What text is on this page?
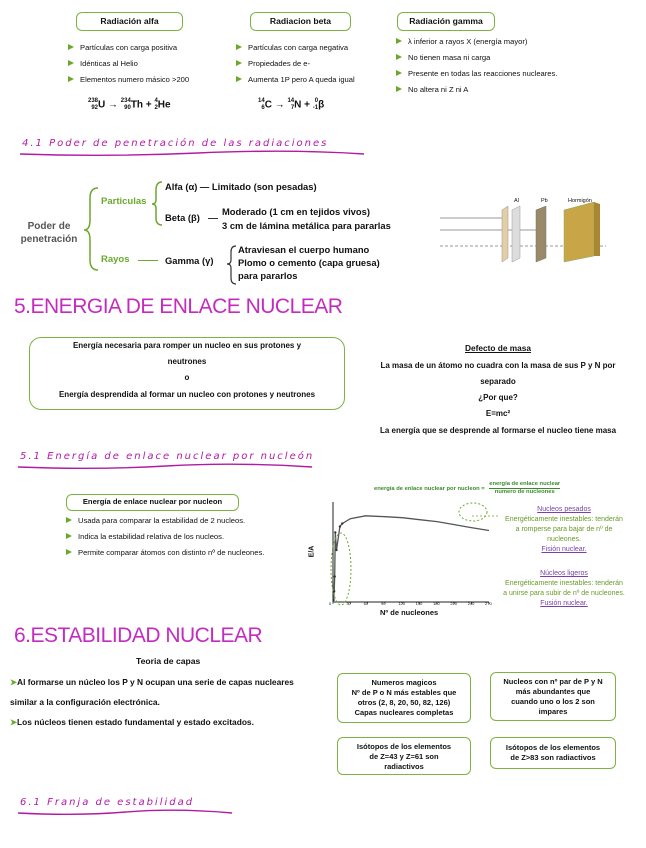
Radiación alfa
Partículas con carga positiva
Idénticas al Helio
Elementos numero másico >200
238
92U → 234
90Th + 4
2He
Radiacion beta
Partículas con carga negativa
Propiedades de e-
Aumenta 1P pero A queda igual
14
6C → 14
7N + 0
-1β
Radiación gamma
λ inferior a rayos X (energía mayor)
No tienen masa ni carga
Presente en todas las reacciones nucleares.
No altera ni Z ni A
4.1 Poder de penetración de las radiaciones
Poder de penetración
Particulas
Rayos
Alfa (α) — Limitado (son pesadas)
Beta (β)
Moderado (1 cm en tejidos vivos)
3 cm de lámina metálica para pararlas
Gamma (γ)
Atraviesan el cuerpo humano
Plomo o cemento (capa gruesa)
para pararlos
Al	Pb	Hormigón
5.ENERGIA DE ENLACE NUCLEAR
Energía necesaria para romper un nucleo en sus protones y
neutrones
o
Energía desprendida al formar un nucleo con protones y neutrones
Defecto de masa
La masa de un átomo no cuadra con la masa de sus P y N por
separado
¿Por que?
E=mc²
La energía que se desprende al formarse el nucleo tiene masa
5.1 Energía de enlace nuclear por nucleón
Energía de enlace nuclear por nucleon
Usada para comparar la estabilidad de 2 nucleos.
Indica la estabilidad relativa de los nucleos.
Permite comparar átomos con distinto nº de nucleones.
energía de enlace nuclear por nucleon =
energía de enlace nuclear
numero de nucleones
E/A
Nº de nucleones
0	30	60	90	120	150	180	210	240	270
Nucleos pesados
Energéticamente inestables: tenderán a romperse para bajar de nº de nucleones.
Fisión nuclear.
Núcleos ligeros
Energéticamente inestables: tenderán a unirse para subir de nº de nucleones.
Fusión nuclear.
6.ESTABILIDAD NUCLEAR
Teoria de capas
➤Al formarse un núcleo los P y N ocupan una serie de capas nucleares
similar a la configuración electrónica.
➤Los núcleos tienen estado fundamental y estado excitados.
Numeros magicos
Nº de P o N más estables que
otros (2, 8, 20, 50, 82, 126)
Capas nucleares completas
Nucleos con nº par de P y N
más abundantes que
cuando uno o los 2 son
impares
Isótopos de los elementos
de Z=43 y Z=61 son
radiactivos
Isótopos de los elementos
de Z>83 son radiactivos
6.1 Franja de estabilidad
